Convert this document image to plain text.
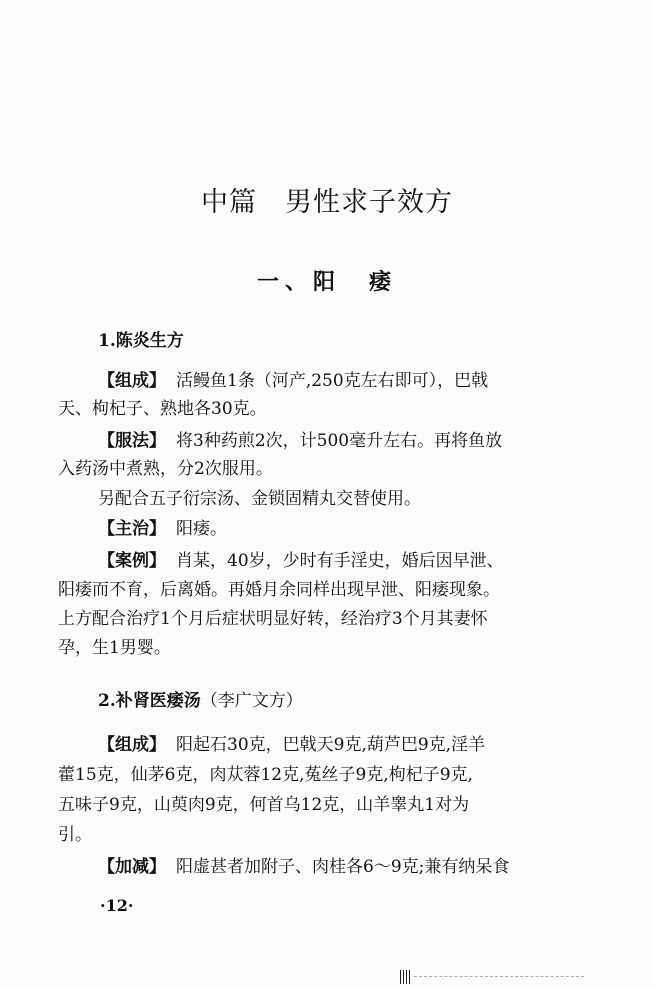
中篇　男性求子效方
一、阳　痿
1.陈炎生方
【组成】 活鳗鱼1条（河产,250克左右即可），巴戟
天、枸杞子、熟地各30克。
【服法】 将3种药煎2次，计500毫升左右。再将鱼放
入药汤中煮熟，分2次服用。
另配合五子衍宗汤、金锁固精丸交替使用。
【主治】 阳痿。
【案例】 肖某，40岁，少时有手淫史，婚后因早泄、
阳痿而不育，后离婚。再婚月余同样出现早泄、阳痿现象。
上方配合治疗1个月后症状明显好转，经治疗3个月其妻怀
孕，生1男婴。
2.补肾医痿汤（李广文方）
【组成】 阳起石30克，巴戟天9克,葫芦巴9克,淫羊
藿15克，仙茅6克，肉苁蓉12克,菟丝子9克,枸杞子9克,
五味子9克，山萸肉9克，何首乌12克，山羊睾丸1对为
引。
【加减】 阳虚甚者加附子、肉桂各6～9克;兼有纳呆食
·12·
